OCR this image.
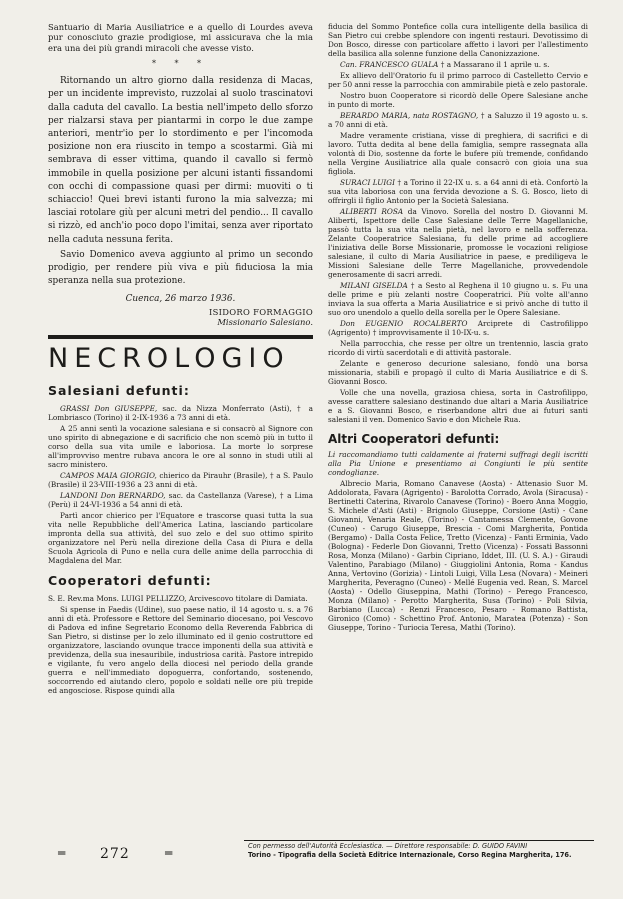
Santuario di Maria Ausiliatrice e a quello di Lourdes aveva pur conosciuto grazie prodigiose, mi assicurava che la mia era una dei più grandi miracoli che avesse visto.

* * *

Ritornando un altro giorno dalla residenza di Macas, per un incidente imprevisto, ruzzolai al suolo trascinatovi dalla caduta del cavallo. La bestia nell'impeto dello sforzo per rialzarsi stava per piantarmi in corpo le due zampe anteriori, mentr'io per lo stordimento e per l'incomoda posizione non era riuscito in tempo a scostarmi. Già mi sembrava di esser vittima, quando il cavallo si fermò immobile in quella posizione per alcuni istanti fissandomi con occhi di compassione quasi per dirmi: muoviti o ti schiaccio! Quei brevi istanti furono la mia salvezza; mi lasciai rotolare giù per alcuni metri del pendio... Il cavallo si rizzò, ed anch'io poco dopo l'imitai, senza aver riportato nella caduta nessuna ferita.

Savio Domenico aveva aggiunto al primo un secondo prodigio, per rendere più viva e più fiduciosa la mia speranza nella sua protezione.

Cuenca, 26 marzo 1936.

ISIDORO FORMAGGIO
Missionario Salesiano.
NECROLOGIO
Salesiani defunti:

GRASSI Don GIUSEPPE, sac. da Nizza Monferrato (Asti), † a Lombriasco (Torino) il 2-IX-1936 a 73 anni di età.

A 25 anni sentì la vocazione salesiana e si consacrò al Signore con uno spirito di abnegazione e di sacrificio che non scemò più in tutto il corso della sua vita umile e laboriosa. La morte lo sorprese all'improvviso mentre rubava ancora le ore al sonno in studi utili al sacro ministero.

CAMPOS MAIA GIORGIO, chierico da Pirauhr (Brasile), † a S. Paulo (Brasile) il 23-VIII-1936 a 23 anni di età.

LANDONI Don BERNARDO, sac. da Castellanza (Varese), † a Lima (Perù) il 24-VI-1936 a 54 anni di età.

Partì ancor chierico per l'Equatore e trascorse quasi tutta la sua vita nelle Repubbliche dell'America Latina, lasciando particolare impronta della sua attività, del suo zelo e del suo ottimo spirito organizzatore nel Perù nella direzione della Casa di Piura e della Scuola Agricola di Puno e nella cura delle anime della parrocchia di Magdalena del Mar.

Cooperatori defunti:

S. E. Rev.ma Mons. LUIGI PELLIZZO, Arcivescovo titolare di Damiata.

Si spense in Faedis (Udine), suo paese natio, il 14 agosto u. s. a 76 anni di età. Professore e Rettore del Seminario diocesano, poi Vescovo di Padova ed infine Segretario Economo della Reverenda Fabbrica di San Pietro, si distinse per lo zelo illuminato ed il genio costruttore ed organizzatore, lasciando ovunque tracce imponenti della sua attività e previdenza, della sua inesauribile, industriosa carità. Pastore intrepido e vigilante, fu vero angelo della diocesi nel periodo della grande guerra e nell'immediato dopoguerra, confortando, sostenendo, soccorrendo ed aiutando clero, popolo e soldati nelle ore più trepide ed angosciose. Rispose quindi alla

fiducia del Sommo Pontefice colla cura intelligente della basilica di San Pietro cui crebbe splendore con ingenti restauri. Devotissimo di Don Bosco, diresse con particolare affetto i lavori per l'allestimento della basilica alla solenne funzione della Canonizzazione.

Can. FRANCESCO GUALA † a Massarano il 1 aprile u. s.

Ex allievo dell'Oratorio fu il primo parroco di Castelletto Cervio e per 50 anni resse la parrocchia con ammirabile pietà e zelo pastorale.

Nostro buon Cooperatore si ricordò delle Opere Salesiane anche in punto di morte.

BERARDO MARIA, nata ROSTAGNO, † a Saluzzo il 19 agosto u. s. a 70 anni di età.

Madre veramente cristiana, visse di preghiera, di sacrifici e di lavoro. Tutta dedita al bene della famiglia, sempre rassegnata alla volontà di Dio, sostenne da forte le bufere più tremende, confidando nella Vergine Ausiliatrice alla quale consacrò con gioia una sua figliola.

SURACI LUIGI † a Torino il 22-IX u. s. a 64 anni di età. Confortò la sua vita laboriosa con una fervida devozione a S. G. Bosco, lieto di offrirgli il figlio Antonio per la Società Salesiana.

ALIBERTI ROSA da Vinovo. Sorella del nostro D. Giovanni M. Aliberti, Ispettore delle Case Salesiane delle Terre Magellaniche, passò tutta la sua vita nella pietà, nel lavoro e nella sofferenza. Zelante Cooperatrice Salesiana, fu delle prime ad accogliere l'iniziativa delle Borse Missionarie, promosse le vocazioni religiose salesiane, il culto di Maria Ausiliatrice in paese, e prediligeva le Missioni Salesiane delle Terre Magellaniche, provvedendole generosamente di sacri arredi.

MILANI GISELDA † a Sesto al Reghena il 10 giugno u. s. Fu una delle prime e più zelanti nostre Cooperatrici. Più volte all'anno inviava la sua offerta a Maria Ausiliatrice e si privò anche di tutto il suo oro unendolo a quello della sorella per le Opere Salesiane.

Don EUGENIO ROCALBERTO Arciprete di Castrofilippo (Agrigento) † improvvisamente il 10-IX-u. s.

Nella parrocchia, che resse per oltre un trentennio, lascia grato ricordo di virtù sacerdotali e di attività pastorale.

Zelante e generoso decurione salesiano, fondò una borsa missionaria, stabilì e propagò il culto di Maria Ausiliatrice e di S. Giovanni Bosco.

Volle che una novella, graziosa chiesa, sorta in Castrofilippo, avesse carattere salesiano destinando due altari a Maria Ausiliatrice e a S. Giovanni Bosco, e riserbandone altri due ai futuri santi salesiani il ven. Domenico Savio e don Michele Rua.

Altri Cooperatori defunti:

Li raccomandiamo tutti caldamente ai fraterni suffragi degli iscritti alla Pia Unione e presentiamo ai Congiunti le più sentite condoglianze.

Albrecio Maria, Romano Canavese (Aosta) - Attenasio Suor M. Addolorata, Favara (Agrigento) - Barolotta Corrado, Avola (Siracusa) - Bertinetti Caterina, Rivarolo Canavese (Torino) - Boero Anna Moggio, S. Michele d'Asti (Asti) - Brignolo Giuseppe, Corsione (Asti) - Cane Giovanni, Venaria Reale, (Torino) - Cantamessa Clemente, Govone (Cuneo) - Carugo Giuseppe, Brescia - Comi Margherita, Pontida (Bergamo) - Dalla Costa Felice, Tretto (Vicenza) - Fanti Erminia, Vado (Bologna) - Federle Don Giovanni, Tretto (Vicenza) - Fossati Bassonni Rosa, Monza (Milano) - Garbin Cipriano, Iddet, III. (U. S. A.) - Giraudi Valentino, Parabiago (Milano) - Giuggiolini Antonia, Roma - Kandus Anna, Vertovino (Gorizia) - Lintoli Luigi, Villa Lesa (Novara) - Meineri Margherita, Peveragno (Cuneo) - Mellé Eugenia ved. Rean, S. Marcel (Aosta) - Odello Giuseppina, Mathi (Torino) - Perego Francesco, Monza (Milano) - Perotto Margherita, Susa (Torino) - Poli Silvia, Barbiano (Lucca) - Renzi Francesco, Pesaro - Romano Battista, Gironico (Como) - Schettino Prof. Antonio, Maratea (Potenza) - Son Giuseppe, Torino - Turiocia Teresa, Mathi (Torino).

═ 272	═	Con permesso dell'Autorità Ecclesiastica. — Direttore responsabile: D. GUIDO FAVINI
Torino - Tipografia della Società Editrice Internazionale, Corso Regina Margherita, 176.
